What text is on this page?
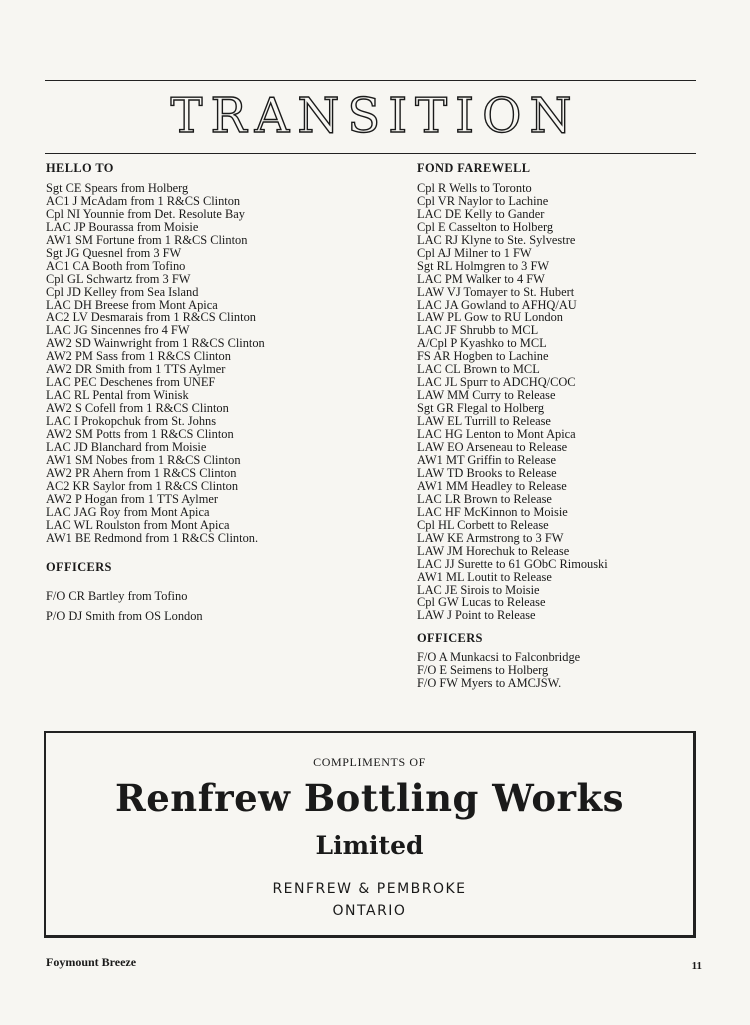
TRANSITION
HELLO TO
Sgt CE Spears from Holberg
AC1 J McAdam from 1 R&CS Clinton
Cpl NI Younnie from Det. Resolute Bay
LAC JP Bourassa from Moisie
AW1 SM Fortune from 1 R&CS Clinton
Sgt JG Quesnel from 3 FW
AC1 CA Booth from Tofino
Cpl GL Schwartz from 3 FW
Cpl JD Kelley from Sea Island
LAC DH Breese from Mont Apica
AC2 LV Desmarais from 1 R&CS Clinton
LAC JG Sincennes fro 4 FW
AW2 SD Wainwright from 1 R&CS Clinton
AW2 PM Sass from 1 R&CS Clinton
AW2 DR Smith from 1 TTS Aylmer
LAC PEC Deschenes from UNEF
LAC RL Pental from Winisk
AW2 S Cofell from 1 R&CS Clinton
LAC I Prokopchuk from St. Johns
AW2 SM Potts from 1 R&CS Clinton
LAC JD Blanchard from Moisie
AW1 SM Nobes from 1 R&CS Clinton
AW2 PR Ahern from 1 R&CS Clinton
AC2 KR Saylor from 1 R&CS Clinton
AW2 P Hogan from 1 TTS Aylmer
LAC JAG Roy from Mont Apica
LAC WL Roulston from Mont Apica
AW1 BE Redmond from 1 R&CS Clinton.
OFFICERS
F/O CR Bartley from Tofino
P/O DJ Smith from OS London
FOND FAREWELL
Cpl R Wells to Toronto
Cpl VR Naylor to Lachine
LAC DE Kelly to Gander
Cpl E Casselton to Holberg
LAC RJ Klyne to Ste. Sylvestre
Cpl AJ Milner to 1 FW
Sgt RL Holmgren to 3 FW
LAC PM Walker to 4 FW
LAW VJ Tomayer to St. Hubert
LAC JA Gowland to AFHQ/AU
LAW PL Gow to RU London
LAC JF Shrubb to MCL
A/Cpl P Kyashko to MCL
FS AR Hogben to Lachine
LAC CL Brown to MCL
LAC JL Spurr to ADCHQ/COC
LAW MM Curry to Release
Sgt GR Flegal to Holberg
LAW EL Turrill to Release
LAC HG Lenton to Mont Apica
LAW EO Arseneau to Release
AW1 MT Griffin to Release
LAW TD Brooks to Release
AW1 MM Headley to Release
LAC LR Brown to Release
LAC HF McKinnon to Moisie
Cpl HL Corbett to Release
LAW KE Armstrong to 3 FW
LAW JM Horechuk to Release
LAC JJ Surette to 61 GObC Rimouski
AW1 ML Loutit to Release
LAC JE Sirois to Moisie
Cpl GW Lucas to Release
LAW J Point to Release
OFFICERS
F/O A Munkacsi to Falconbridge
F/O E Seimens to Holberg
F/O FW Myers to AMCJSW.
COMPLIMENTS OF
Renfrew Bottling Works
Limited
RENFREW & PEMBROKE
ONTARIO
Foymount Breeze	11
